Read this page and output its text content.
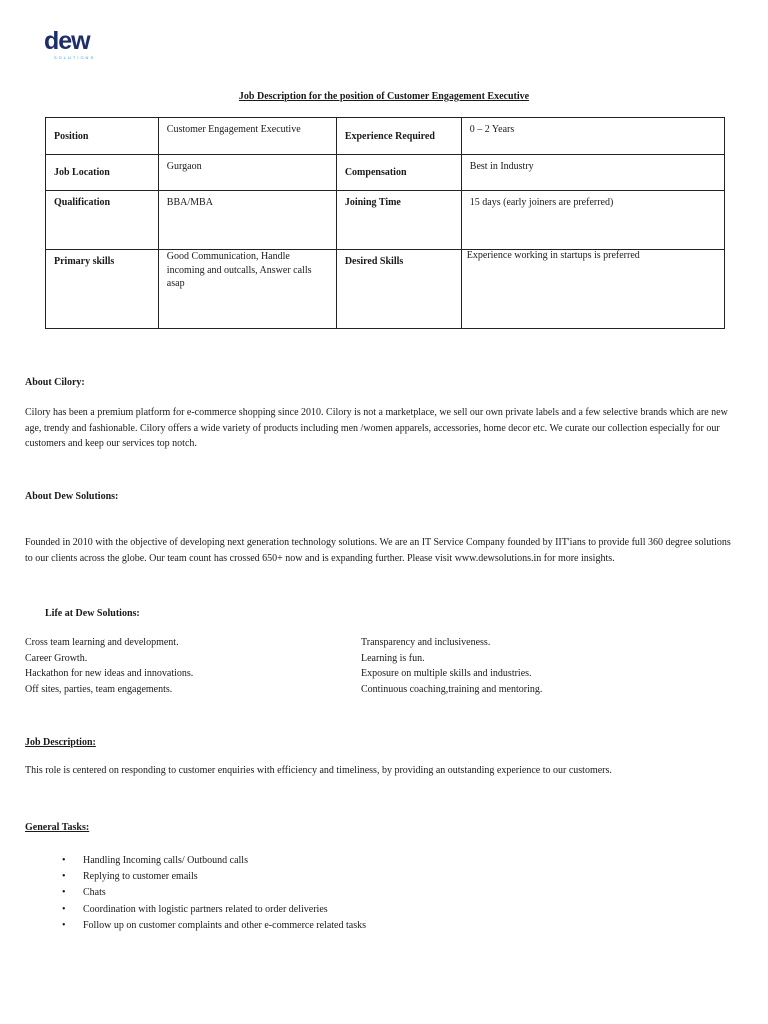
dew
SOLUTIONS
Job Description for the position of Customer Engagement Executive
Position	Customer Engagement Executive	Experience Required	0 – 2 Years
Job Location	Gurgaon	Compensation	Best in Industry
Qualification	BBA/MBA	Joining Time	15 days (early joiners are preferred)
Primary skills	Good Communication, Handle incoming and outcalls, Answer calls asap	Desired Skills	Experience working in startups is preferred
About Cilory:
Cilory has been a premium platform for e-commerce shopping since 2010. Cilory is not a marketplace, we sell our own private labels and a few selective brands which are new age, trendy and fashionable. Cilory offers a wide variety of products including men /women apparels, accessories, home decor etc. We curate our collection especially for our customers and keep our services top notch.
About Dew Solutions:
Founded in 2010 with the objective of developing next generation technology solutions. We are an IT Service Company founded by IIT'ians to provide full 360 degree solutions to our clients across the globe. Our team count has crossed 650+ now and is expanding further. Please visit www.dewsolutions.in for more insights.
Life at Dew Solutions:
Cross team learning and development.
Career Growth.
Hackathon for new ideas and innovations.
Off sites, parties, team engagements.
Transparency and inclusiveness.
Learning is fun.
Exposure on multiple skills and industries.
Continuous coaching,training and mentoring.
Job Description:
This role is centered on responding to customer enquiries with efficiency and timeliness, by providing an outstanding experience to our customers.
General Tasks:
• Handling Incoming calls/ Outbound calls
• Replying to customer emails
• Chats
• Coordination with logistic partners related to order deliveries
• Follow up on customer complaints and other e-commerce related tasks
